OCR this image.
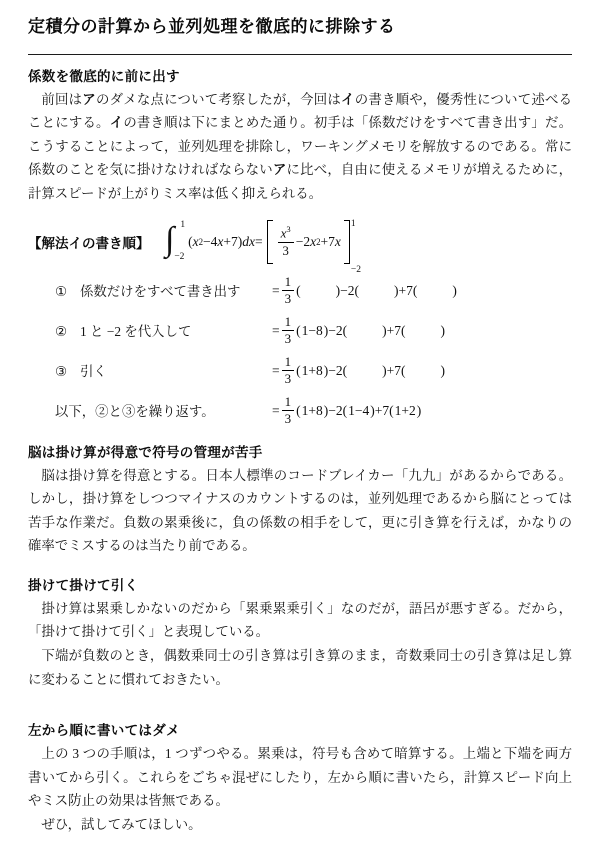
定積分の計算から並列処理を徹底的に排除する
係数を徹底的に前に出す

前回はアのダメな点について考察したが，今回はイの書き順や，優秀性について述べることにする。イの書き順は下にまとめた通り。初手は「係数だけをすべて書き出す」だ。こうすることによって，並列処理を排除し，ワーキングメモリを解放するのである。常に係数のことを気に掛けなければならないアに比べ，自由に使えるメモリが増えるために，計算スピードが上がりミス率は低く抑えられる。

【解法イの書き順】 ∫ 1
−2
( x 2 −4 x +7) dx = $\frac{x^3}{3} -2$ x 2 +7 x
1
−2
① 係数だけをすべて書き出す	= $\frac{1}{3}$ (	) −2 (	) +7 (	)
② 1 と −2 を代入して	= $\frac{1}{3}$ ( 1−8 ) −2 (	) +7 (	)
③ 引く	= $\frac{1}{3}$ ( 1+8 ) −2 (	) +7 (	)
以下，②と③を繰り返す。	= $\frac{1}{3}$ ( 1+8 ) −2 ( 1−4 ) +7 ( 1+2 )
脳は掛け算が得意で符号の管理が苦手

脳は掛け算を得意とする。日本人標準のコードブレイカー「九九」があるからである。しかし，掛け算をしつつマイナスのカウントするのは，並列処理であるから脳にとっては苦手な作業だ。負数の累乗後に，負の係数の相手をして，更に引き算を行えば，かなりの確率でミスするのは当たり前である。

掛けて掛けて引く

掛け算は累乗しかないのだから「累乗累乗引く」なのだが，語呂が悪すぎる。だから，「掛けて掛けて引く」と表現している。

下端が負数のとき，偶数乗同士の引き算は引き算のまま，奇数乗同士の引き算は足し算に変わることに慣れておきたい。

左から順に書いてはダメ

上の 3 つの手順は，1 つずつやる。累乗は，符号も含めて暗算する。上端と下端を両方書いてから引く。これらをごちゃ混ぜにしたり，左から順に書いたら，計算スピード向上やミス防止の効果は皆無である。

ぜひ，試してみてほしい。
